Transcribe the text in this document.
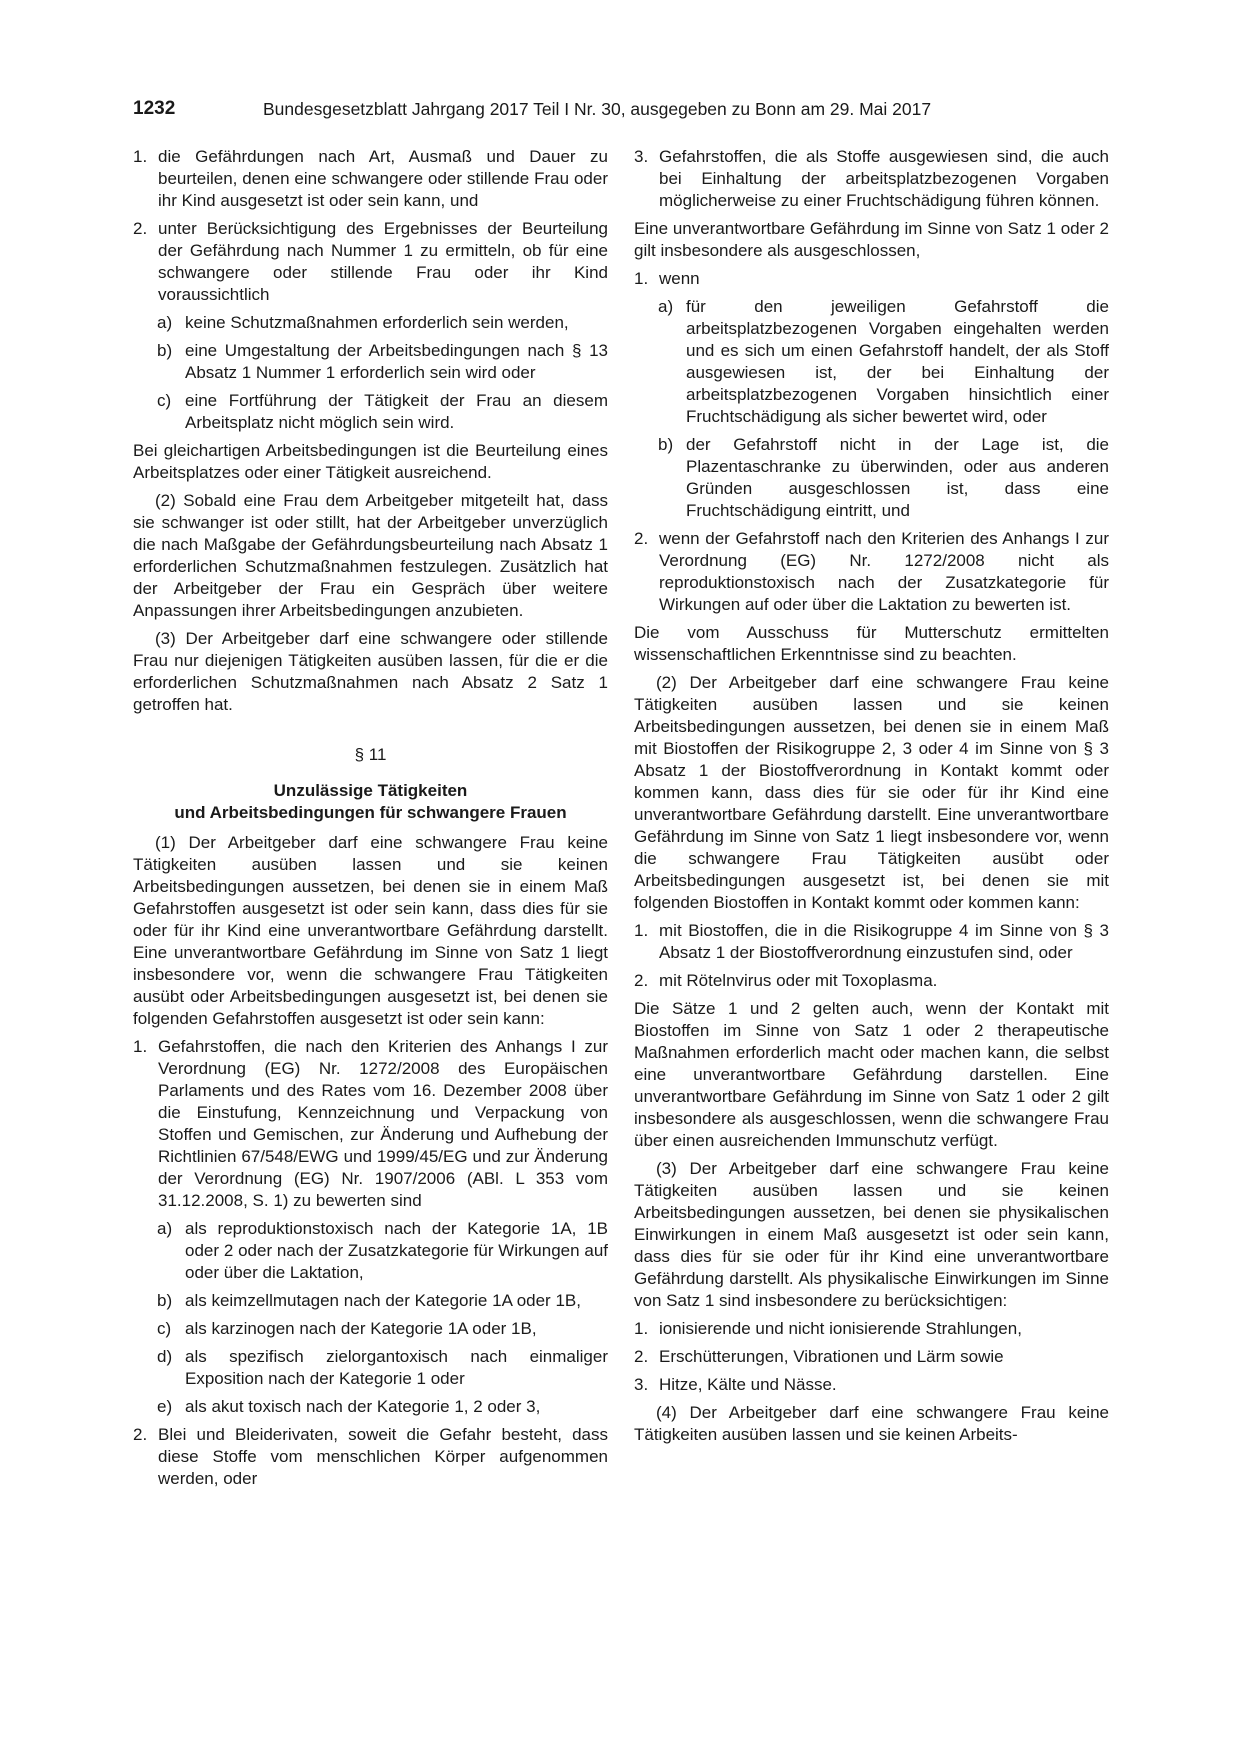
1232	Bundesgesetzblatt Jahrgang 2017 Teil I Nr. 30, ausgegeben zu Bonn am 29. Mai 2017
1. die Gefährdungen nach Art, Ausmaß und Dauer zu beurteilen, denen eine schwangere oder stillende Frau oder ihr Kind ausgesetzt ist oder sein kann, und
2. unter Berücksichtigung des Ergebnisses der Beurteilung der Gefährdung nach Nummer 1 zu ermitteln, ob für eine schwangere oder stillende Frau oder ihr Kind voraussichtlich
a) keine Schutzmaßnahmen erforderlich sein werden,
b) eine Umgestaltung der Arbeitsbedingungen nach § 13 Absatz 1 Nummer 1 erforderlich sein wird oder
c) eine Fortführung der Tätigkeit der Frau an diesem Arbeitsplatz nicht möglich sein wird.

Bei gleichartigen Arbeitsbedingungen ist die Beurteilung eines Arbeitsplatzes oder einer Tätigkeit ausreichend.

(2) Sobald eine Frau dem Arbeitgeber mitgeteilt hat, dass sie schwanger ist oder stillt, hat der Arbeitgeber unverzüglich die nach Maßgabe der Gefährdungsbeurteilung nach Absatz 1 erforderlichen Schutzmaßnahmen festzulegen. Zusätzlich hat der Arbeitgeber der Frau ein Gespräch über weitere Anpassungen ihrer Arbeitsbedingungen anzubieten.

(3) Der Arbeitgeber darf eine schwangere oder stillende Frau nur diejenigen Tätigkeiten ausüben lassen, für die er die erforderlichen Schutzmaßnahmen nach Absatz 2 Satz 1 getroffen hat.

§ 11

Unzulässige Tätigkeiten
und Arbeitsbedingungen für schwangere Frauen

(1) Der Arbeitgeber darf eine schwangere Frau keine Tätigkeiten ausüben lassen und sie keinen Arbeitsbedingungen aussetzen, bei denen sie in einem Maß Gefahrstoffen ausgesetzt ist oder sein kann, dass dies für sie oder für ihr Kind eine unverantwortbare Gefährdung darstellt. Eine unverantwortbare Gefährdung im Sinne von Satz 1 liegt insbesondere vor, wenn die schwangere Frau Tätigkeiten ausübt oder Arbeitsbedingungen ausgesetzt ist, bei denen sie folgenden Gefahrstoffen ausgesetzt ist oder sein kann:

1. Gefahrstoffen, die nach den Kriterien des Anhangs I zur Verordnung (EG) Nr. 1272/2008 des Europäischen Parlaments und des Rates vom 16. Dezember 2008 über die Einstufung, Kennzeichnung und Verpackung von Stoffen und Gemischen, zur Änderung und Aufhebung der Richtlinien 67/548/EWG und 1999/45/EG und zur Änderung der Verordnung (EG) Nr. 1907/2006 (ABl. L 353 vom 31.12.2008, S. 1) zu bewerten sind
a) als reproduktionstoxisch nach der Kategorie 1A, 1B oder 2 oder nach der Zusatzkategorie für Wirkungen auf oder über die Laktation,
b) als keimzellmutagen nach der Kategorie 1A oder 1B,
c) als karzinogen nach der Kategorie 1A oder 1B,
d) als spezifisch zielorgantoxisch nach einmaliger Exposition nach der Kategorie 1 oder
e) als akut toxisch nach der Kategorie 1, 2 oder 3,
2. Blei und Bleiderivaten, soweit die Gefahr besteht, dass diese Stoffe vom menschlichen Körper aufgenommen werden, oder
3. Gefahrstoffen, die als Stoffe ausgewiesen sind, die auch bei Einhaltung der arbeitsplatzbezogenen Vorgaben möglicherweise zu einer Fruchtschädigung führen können.

Eine unverantwortbare Gefährdung im Sinne von Satz 1 oder 2 gilt insbesondere als ausgeschlossen,

1. wenn
a) für den jeweiligen Gefahrstoff die arbeitsplatzbezogenen Vorgaben eingehalten werden und es sich um einen Gefahrstoff handelt, der als Stoff ausgewiesen ist, der bei Einhaltung der arbeitsplatzbezogenen Vorgaben hinsichtlich einer Fruchtschädigung als sicher bewertet wird, oder
b) der Gefahrstoff nicht in der Lage ist, die Plazentaschranke zu überwinden, oder aus anderen Gründen ausgeschlossen ist, dass eine Fruchtschädigung eintritt, und
2. wenn der Gefahrstoff nach den Kriterien des Anhangs I zur Verordnung (EG) Nr. 1272/2008 nicht als reproduktionstoxisch nach der Zusatzkategorie für Wirkungen auf oder über die Laktation zu bewerten ist.

Die vom Ausschuss für Mutterschutz ermittelten wissenschaftlichen Erkenntnisse sind zu beachten.

(2) Der Arbeitgeber darf eine schwangere Frau keine Tätigkeiten ausüben lassen und sie keinen Arbeitsbedingungen aussetzen, bei denen sie in einem Maß mit Biostoffen der Risikogruppe 2, 3 oder 4 im Sinne von § 3 Absatz 1 der Biostoffverordnung in Kontakt kommt oder kommen kann, dass dies für sie oder für ihr Kind eine unverantwortbare Gefährdung darstellt. Eine unverantwortbare Gefährdung im Sinne von Satz 1 liegt insbesondere vor, wenn die schwangere Frau Tätigkeiten ausübt oder Arbeitsbedingungen ausgesetzt ist, bei denen sie mit folgenden Biostoffen in Kontakt kommt oder kommen kann:

1. mit Biostoffen, die in die Risikogruppe 4 im Sinne von § 3 Absatz 1 der Biostoffverordnung einzustufen sind, oder
2. mit Rötelnvirus oder mit Toxoplasma.

Die Sätze 1 und 2 gelten auch, wenn der Kontakt mit Biostoffen im Sinne von Satz 1 oder 2 therapeutische Maßnahmen erforderlich macht oder machen kann, die selbst eine unverantwortbare Gefährdung darstellen. Eine unverantwortbare Gefährdung im Sinne von Satz 1 oder 2 gilt insbesondere als ausgeschlossen, wenn die schwangere Frau über einen ausreichenden Immunschutz verfügt.

(3) Der Arbeitgeber darf eine schwangere Frau keine Tätigkeiten ausüben lassen und sie keinen Arbeitsbedingungen aussetzen, bei denen sie physikalischen Einwirkungen in einem Maß ausgesetzt ist oder sein kann, dass dies für sie oder für ihr Kind eine unverantwortbare Gefährdung darstellt. Als physikalische Einwirkungen im Sinne von Satz 1 sind insbesondere zu berücksichtigen:

1. ionisierende und nicht ionisierende Strahlungen,
2. Erschütterungen, Vibrationen und Lärm sowie
3. Hitze, Kälte und Nässe.

(4) Der Arbeitgeber darf eine schwangere Frau keine Tätigkeiten ausüben lassen und sie keinen Arbeits-
